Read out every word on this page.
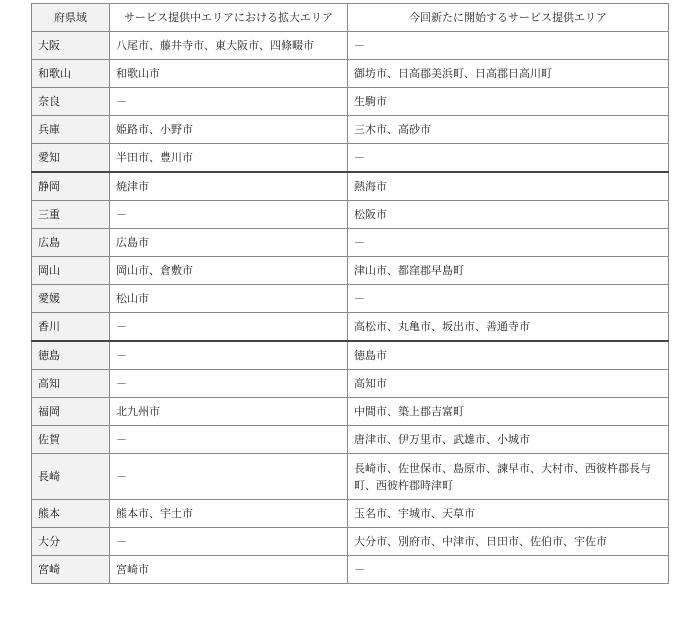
府県域	サービス提供中エリアにおける拡大エリア	今回新たに開始するサービス提供エリア
大阪	八尾市、藤井寺市、東大阪市、四條畷市	－
和歌山	和歌山市	御坊市、日高郡美浜町、日高郡日高川町
奈良	－	生駒市
兵庫	姫路市、小野市	三木市、高砂市
愛知	半田市、豊川市	－
静岡	焼津市	熱海市
三重	－	松阪市
広島	広島市	－
岡山	岡山市、倉敷市	津山市、都窪郡早島町
愛媛	松山市	－
香川	－	高松市、丸亀市、坂出市、善通寺市
徳島	－	徳島市
高知	－	高知市
福岡	北九州市	中間市、築上郡吉富町
佐賀	－	唐津市、伊万里市、武雄市、小城市
長崎	－	長崎市、佐世保市、島原市、諫早市、大村市、西彼杵郡長与町、西彼杵郡時津町
熊本	熊本市、宇土市	玉名市、宇城市、天草市
大分	－	大分市、別府市、中津市、日田市、佐伯市、宇佐市
宮崎	宮崎市	－
